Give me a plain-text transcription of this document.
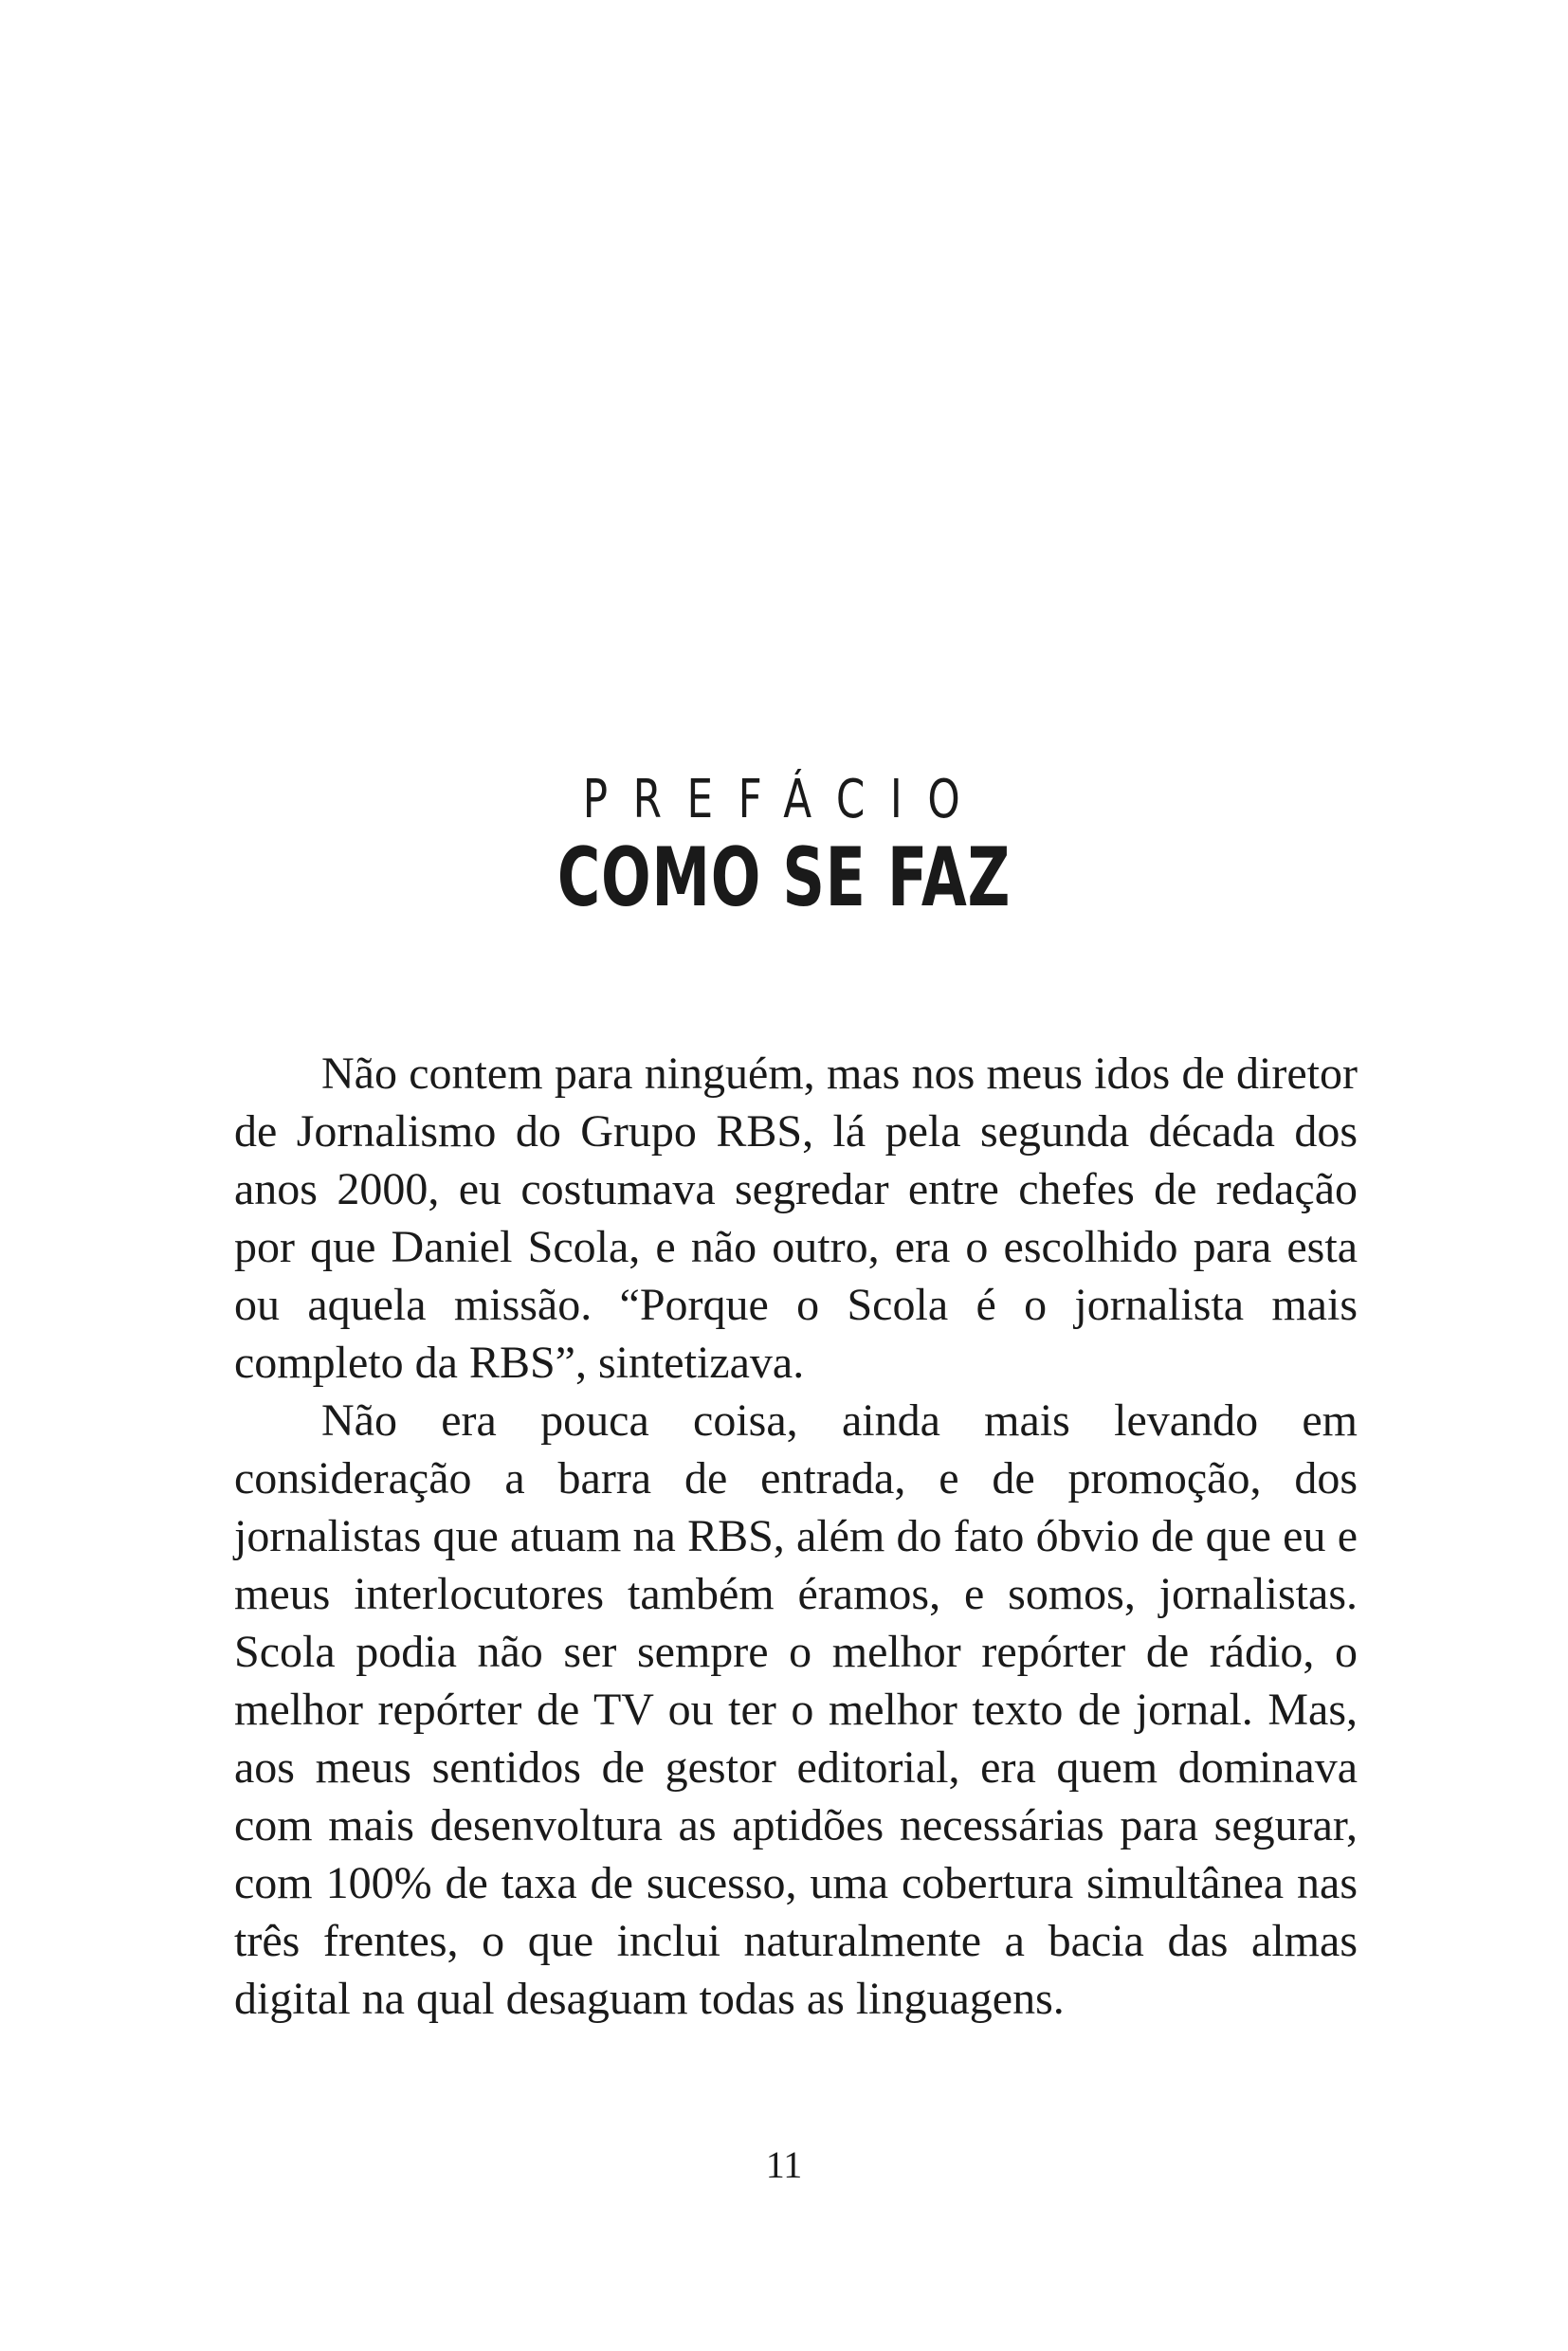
PREFÁCIO
COMO SE FAZ

Não contem para ninguém, mas nos meus idos de diretor de Jornalismo do Grupo RBS, lá pela segunda década dos anos 2000, eu costumava segredar entre chefes de redação por que Daniel Scola, e não outro, era o escolhido para esta ou aquela missão. “Porque o Scola é o jornalista mais completo da RBS”, sintetizava.

Não era pouca coisa, ainda mais levando em consideração a barra de entrada, e de promoção, dos jornalistas que atuam na RBS, além do fato óbvio de que eu e meus interlocutores também éramos, e somos, jornalistas. Scola podia não ser sempre o melhor repórter de rádio, o melhor repórter de TV ou ter o melhor texto de jornal. Mas, aos meus sentidos de gestor editorial, era quem dominava com mais desenvoltura as aptidões necessárias para segurar, com 100% de taxa de sucesso, uma cobertura simultânea nas três frentes, o que inclui naturalmente a bacia das almas digital na qual desaguam todas as linguagens.

11
